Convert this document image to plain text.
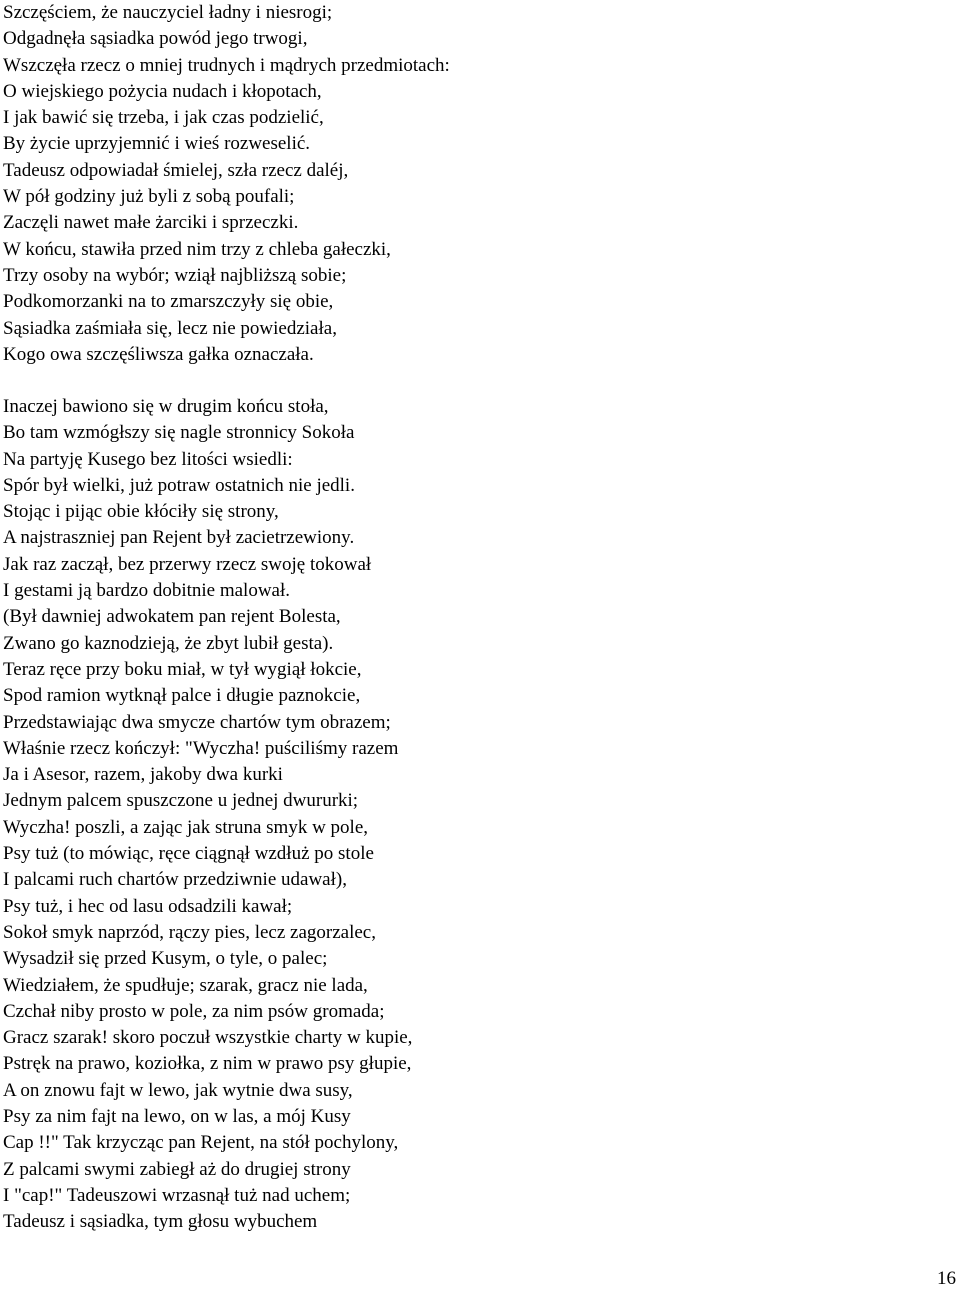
Szczęściem, że nauczyciel ładny i niesrogi;
Odgadnęła sąsiadka powód jego trwogi,
Wszczęła rzecz o mniej trudnych i mądrych przedmiotach:
O wiejskiego pożycia nudach i kłopotach,
I jak bawić się trzeba, i jak czas podzielić,
By życie uprzyjemnić i wieś rozweselić.
Tadeusz odpowiadał śmielej, szła rzecz daléj,
W pół godziny już byli z sobą poufali;
Zaczęli nawet małe żarciki i sprzeczki.
W końcu, stawiła przed nim trzy z chleba gałeczki,
Trzy osoby na wybór; wziął najbliższą sobie;
Podkomorzanki na to zmarszczyły się obie,
Sąsiadka zaśmiała się, lecz nie powiedziała,
Kogo owa szczęśliwsza gałka oznaczała.
Inaczej bawiono się w drugim końcu stoła,
Bo tam wzmógłszy się nagle stronnicy Sokoła
Na partyję Kusego bez litości wsiedli:
Spór był wielki, już potraw ostatnich nie jedli.
Stojąc i pijąc obie kłóciły się strony,
A najstraszniej pan Rejent był zacietrzewiony.
Jak raz zaczął, bez przerwy rzecz swoję tokował
I gestami ją bardzo dobitnie malował.
(Był dawniej adwokatem pan rejent Bolesta,
Zwano go kaznodzieją, że zbyt lubił gesta).
Teraz ręce przy boku miał, w tył wygiął łokcie,
Spod ramion wytknął palce i długie paznokcie,
Przedstawiając dwa smycze chartów tym obrazem;
Właśnie rzecz kończył: "Wyczha! puściliśmy razem
Ja i Asesor, razem, jakoby dwa kurki
Jednym palcem spuszczone u jednej dwururki;
Wyczha! poszli, a zając jak struna smyk w pole,
Psy tuż (to mówiąc, ręce ciągnął wzdłuż po stole
I palcami ruch chartów przedziwnie udawał),
Psy tuż, i hec od lasu odsadzili kawał;
Sokoł smyk naprzód, rączy pies, lecz zagorzalec,
Wysadził się przed Kusym, o tyle, o palec;
Wiedziałem, że spudłuje; szarak, gracz nie lada,
Czchał niby prosto w pole, za nim psów gromada;
Gracz szarak! skoro poczuł wszystkie charty w kupie,
Pstręk na prawo, koziołka, z nim w prawo psy głupie,
A on znowu fajt w lewo, jak wytnie dwa susy,
Psy za nim fajt na lewo, on w las, a mój Kusy
Cap !!" Tak krzycząc pan Rejent, na stół pochylony,
Z palcami swymi zabiegł aż do drugiej strony
I "cap!" Tadeuszowi wrzasnął tuż nad uchem;
Tadeusz i sąsiadka, tym głosu wybuchem
16
